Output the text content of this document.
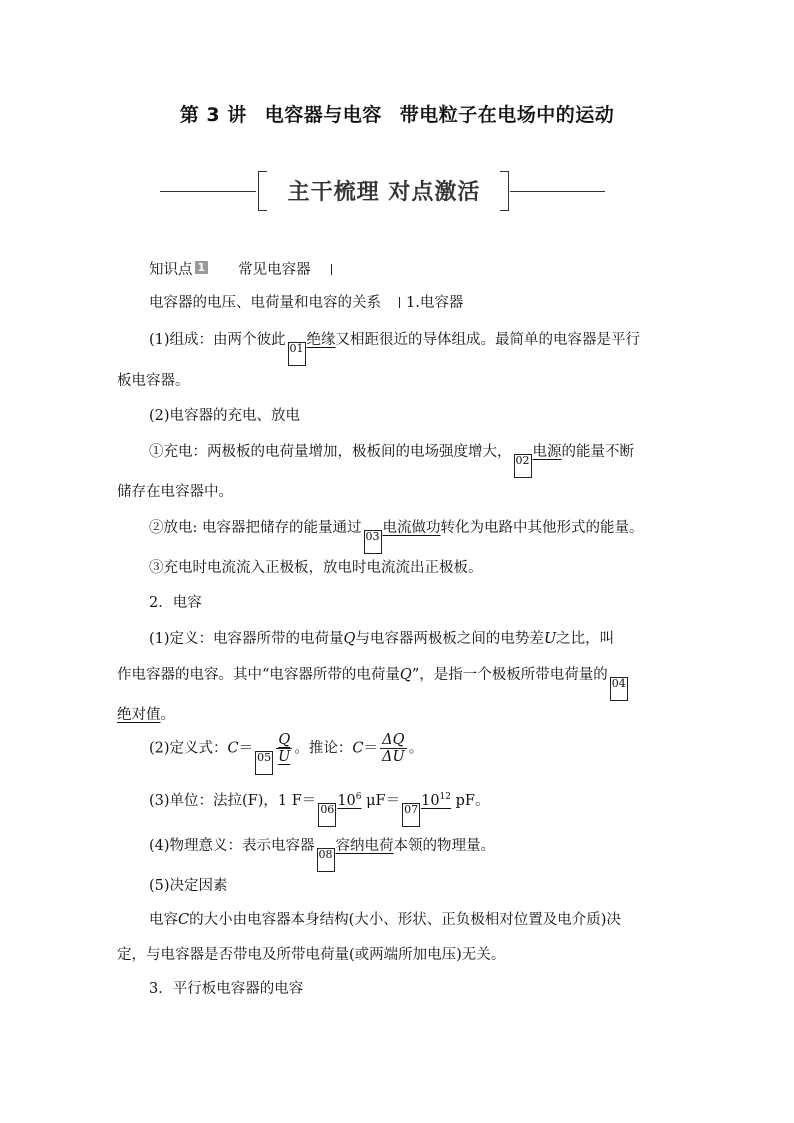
第 3 讲 电容器与电容 带电粒子在电场中的运动
主干梳理 对点激活
知识点 1 常见电容器
电容器的电压、电荷量和电容的关系 1.电容器
(1)组成：由两个彼此01绝缘又相距很近的导体组成。最简单的电容器是平行
板电容器。
(2)电容器的充电、放电
①充电：两极板的电荷量增加，极板间的电场强度增大，02电源的能量不断
储存在电容器中。
②放电: 电容器把储存的能量通过03电流做功转化为电路中其他形式的能量。
③充电时电流流入正极板，放电时电流流出正极板。
2．电容
(1)定义：电容器所带的电荷量Q与电容器两极板之间的电势差U之比，叫
作电容器的电容。其中“电容器所带的电荷量Q”，是指一个极板所带电荷量的04
绝对值。
(2)定义式：$C=05 \frac{Q}{U}$ 。推论：$C= \frac{\Delta Q}{\Delta U}$ 。
(3)单位：法拉(F)，1 $F=0610^6$ $\mu F=0710^{12}$ pF。
(4)物理意义：表示电容器08容纳电荷本领的物理量。
(5)决定因素
电容C的大小由电容器本身结构(大小、形状、正负极相对位置及电介质)决
定，与电容器是否带电及所带电荷量(或两端所加电压)无关。
3．平行板电容器的电容
